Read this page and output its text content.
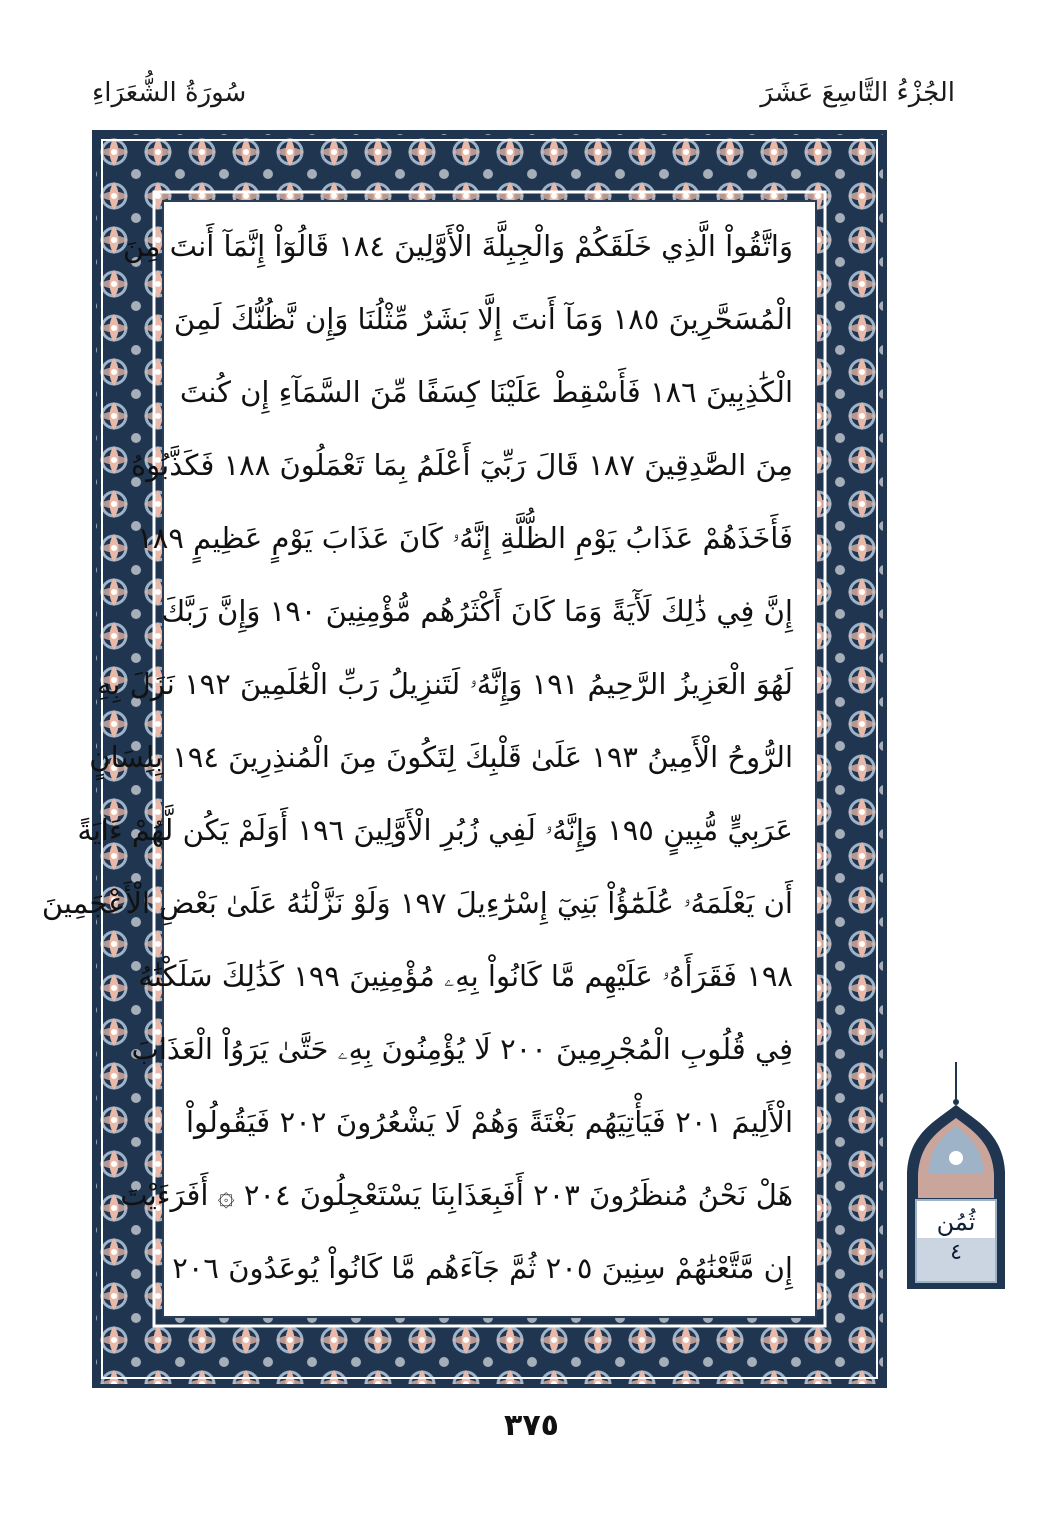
الجُزْءُ التَّاسِعَ عَشَرَ
سُورَةُ الشُّعَرَاءِ
وَاتَّقُواْ الَّذِي خَلَقَكُمْ وَالْجِبِلَّةَ الْأَوَّلِينَ ١٨٤ قَالُوٓاْ إِنَّمَآ أَنتَ مِنَ
الْمُسَحَّرِينَ ١٨٥ وَمَآ أَنتَ إِلَّا بَشَرٌ مِّثْلُنَا وَإِن نَّظُنُّكَ لَمِنَ
الْكَٰذِبِينَ ١٨٦ فَأَسْقِطْ عَلَيْنَا كِسَفًا مِّنَ السَّمَآءِ إِن كُنتَ
مِنَ الصَّٰدِقِينَ ١٨٧ قَالَ رَبِّيٓ أَعْلَمُ بِمَا تَعْمَلُونَ ١٨٨ فَكَذَّبُوهُ
فَأَخَذَهُمْ عَذَابُ يَوْمِ الظُّلَّةِ إِنَّهُۥ كَانَ عَذَابَ يَوْمٍ عَظِيمٍ ١٨٩
إِنَّ فِي ذَٰلِكَ لَأٓيَةً وَمَا كَانَ أَكْثَرُهُم مُّؤْمِنِينَ ١٩٠ وَإِنَّ رَبَّكَ
لَهُوَ الْعَزِيزُ الرَّحِيمُ ١٩١ وَإِنَّهُۥ لَتَنزِيلُ رَبِّ الْعَٰلَمِينَ ١٩٢ نَزَلَ بِهِ
الرُّوحُ الْأَمِينُ ١٩٣ عَلَىٰ قَلْبِكَ لِتَكُونَ مِنَ الْمُنذِرِينَ ١٩٤ بِلِسَانٍ
عَرَبِيٍّ مُّبِينٍ ١٩٥ وَإِنَّهُۥ لَفِي زُبُرِ الْأَوَّلِينَ ١٩٦ أَوَلَمْ يَكُن لَّهُمْ ءَايَةً
أَن يَعْلَمَهُۥ عُلَمَٰٓؤُاْ بَنِيٓ إِسْرَٰٓءِيلَ ١٩٧ وَلَوْ نَزَّلْنَٰهُ عَلَىٰ بَعْضِ الْأَعْجَمِينَ
١٩٨ فَقَرَأَهُۥ عَلَيْهِم مَّا كَانُواْ بِهِۦ مُؤْمِنِينَ ١٩٩ كَذَٰلِكَ سَلَكْنَٰهُ
فِي قُلُوبِ الْمُجْرِمِينَ ٢٠٠ لَا يُؤْمِنُونَ بِهِۦ حَتَّىٰ يَرَوُاْ الْعَذَابَ
الْأَلِيمَ ٢٠١ فَيَأْتِيَهُم بَغْتَةً وَهُمْ لَا يَشْعُرُونَ ٢٠٢ فَيَقُولُواْ
هَلْ نَحْنُ مُنظَرُونَ ٢٠٣ أَفَبِعَذَابِنَا يَسْتَعْجِلُونَ ٢٠٤ ۞ أَفَرَءَيْتَ
إِن مَّتَّعْنَٰهُمْ سِنِينَ ٢٠٥ ثُمَّ جَآءَهُم مَّا كَانُواْ يُوعَدُونَ ٢٠٦
ثُمُن
٤
٣٧٥
